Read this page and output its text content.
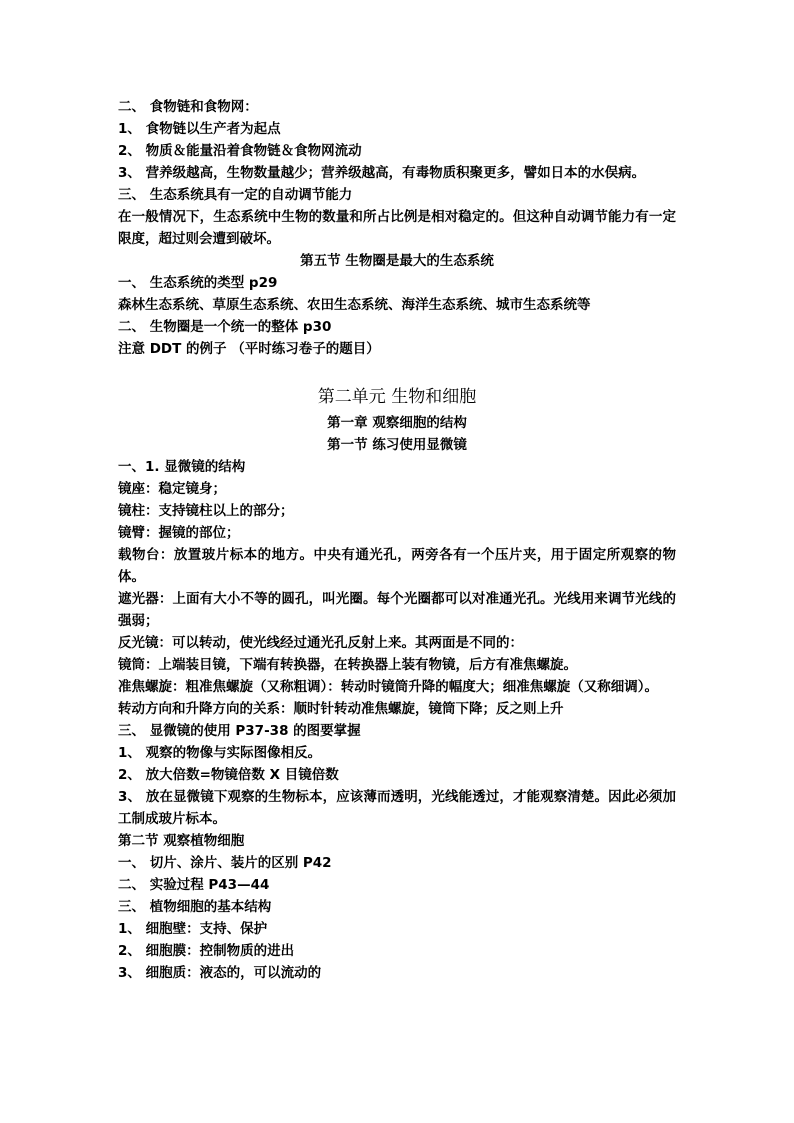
二、 食物链和食物网：
1、 食物链以生产者为起点
2、 物质＆能量沿着食物链＆食物网流动
3、 营养级越高，生物数量越少；营养级越高，有毒物质积聚更多，譬如日本的水俣病。
三、 生态系统具有一定的自动调节能力
在一般情况下，生态系统中生物的数量和所占比例是相对稳定的。但这种自动调节能力有一定限度，超过则会遭到破坏。
第五节 生物圈是最大的生态系统
一、 生态系统的类型 p29
森林生态系统、草原生态系统、农田生态系统、海洋生态系统、城市生态系统等
二、 生物圈是一个统一的整体 p30
注意 DDT 的例子 （平时练习卷子的题目）
第二单元 生物和细胞
第一章 观察细胞的结构
第一节 练习使用显微镜
一、1. 显微镜的结构
镜座：稳定镜身；
镜柱：支持镜柱以上的部分；
镜臂：握镜的部位；
载物台：放置玻片标本的地方。中央有通光孔，两旁各有一个压片夹，用于固定所观察的物体。
遮光器：上面有大小不等的圆孔，叫光圈。每个光圈都可以对准通光孔。光线用来调节光线的强弱；
反光镜：可以转动，使光线经过通光孔反射上来。其两面是不同的：
镜筒：上端装目镜，下端有转换器，在转换器上装有物镜，后方有准焦螺旋。
准焦螺旋：粗准焦螺旋（又称粗调）：转动时镜筒升降的幅度大；细准焦螺旋（又称细调）。
转动方向和升降方向的关系：顺时针转动准焦螺旋，镜筒下降；反之则上升
三、 显微镜的使用 P37-38 的图要掌握
1、 观察的物像与实际图像相反。
2、 放大倍数=物镜倍数 X 目镜倍数
3、 放在显微镜下观察的生物标本，应该薄而透明，光线能透过，才能观察清楚。因此必须加工制成玻片标本。
第二节 观察植物细胞
一、 切片、涂片、装片的区别 P42
二、 实验过程 P43—44
三、 植物细胞的基本结构
1、 细胞壁：支持、保护
2、 细胞膜：控制物质的进出
3、 细胞质：液态的，可以流动的
